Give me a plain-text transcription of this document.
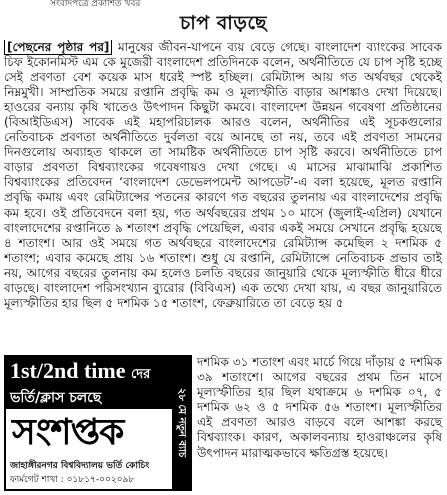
সংবাদপত্রে প্রকাশিত খবর
চাপ বাড়ছে

[পেছনের পৃষ্ঠার পর] মানুষের জীবন-যাপনে ব্যয় বেড়ে গেছে। বাংলাদেশ ব্যাংকের সাবেক চিফ ইকোনমিস্ট এম কে মুজেরী বাংলাদেশ প্রতিদিনকে বলেন, অর্থনীতিতে যে চাপ সৃষ্টি হচ্ছে সেই প্রবণতা বেশ কয়েক মাস ধরেই স্পষ্ট হচ্ছিল। রেমিট্যান্স আয় গত অর্থবছর থেকেই নিম্নমুখী। সাম্প্রতিক সময়ে রপ্তানি প্রবৃদ্ধি কম ও মূল্যস্ফীতি বাড়ার আশঙ্কাও দেখা দিয়েছে। হাওরের বন্যায় কৃষি খাতেও উৎপাদন কিছুটা কমবে। বাংলাদেশ উন্নয়ন গবেষণা প্রতিষ্ঠানের (বিআইডিএস) সাবেক এই মহাপরিচালক আরও বলেন, অর্থনীতির এই সূচকগুলোর নেতিবাচক প্রবণতা অর্থনীতিতে দুর্বলতা বয়ে আনছে তা নয়, তবে এই প্রবণতা সামনের দিনগুলোয় অব্যাহত থাকলে তা সামষ্টিক অর্থনীতিতে চাপ সৃষ্টি করবে। অর্থনীতিতে চাপ বাড়ার প্রবণতা বিশ্বব্যাংকের গবেষণায়ও দেখা গেছে। এ মাসের মাঝামাঝি প্রকাশিত বিশ্বব্যাংকের প্রতিবেদন ‘বাংলাদেশ ডেভেলপমেন্ট আপডেট’-এ বলা হয়েছে, মূলত রপ্তানি প্রবৃদ্ধি কমায় এবং রেমিট্যান্সের পতনের কারণে গত বছরের তুলনায় এর বাংলাদেশের প্রবৃদ্ধি কম হবে। ওই প্রতিবেদনে বলা হয়, গত অর্থবছরের প্রথম ১০ মাসে (জুলাই-এপ্রিল) যেখানে বাংলাদেশের রপ্তানিতে ৯ শতাংশ প্রবৃদ্ধি পেয়েছিল, এবার একই সময়ে সেখানে প্রবৃদ্ধি হয়েছে ৪ শতাংশ। আর ওই সময়ে গত অর্থবছরে বাংলাদেশের রেমিট্যান্স কমেছিল ২ দশমিক ৫ শতাংশ; এবার কমেছে প্রায় ১৬ শতাংশ। শুধু যে রপ্তানি, রেমিট্যান্সে নেতিবাচক প্রভাব তাই নয়, আগের বছরের তুলনায় কম হলেও চলতি বছরের জানুয়ারি থেকে মূল্যস্ফীতি ধীরে ধীরে বাড়ছে। বাংলাদেশ পরিসংখ্যান ব্যুরোর (বিবিএস) এক তথ্যে দেখা যায়, এ বছর জানুয়ারিতে মূল্যস্ফীতির হার ছিল ৫ দশমিক ১৫ শতাংশ, ফেব্রুয়ারিতে তা বেড়ে হয় ৫

1st/2nd time দের
ভর্তি/ক্লাস চলছে	২৮ মে নতুন ব্যাচ
সংশপ্তক
জাহাঙ্গীরনগর বিশ্ববিদ্যালয় ভর্তি কোচিং
ফার্মগেট শাখা : ০১৮১৭-০০২০৯৮

দশমিক ৩১ শতাংশ এবং মার্চে গিয়ে দাঁড়ায় ৫ দশমিক ৩৯ শতাংশে। আগের বছরের প্রথম তিন মাসে মূল্যস্ফীতির হার ছিল যথাক্রমে ৬ দশমিক ০৭, ৫ দশমিক ৬২ ও ৫ দশমিক ৫৬ শতাংশ। মূল্যস্ফীতির এই প্রবণতা আরও বাড়বে বলে আশঙ্কা করছে বিশ্বব্যাংক। কারণ, অকালবন্যায় হাওরাঞ্চলের কৃষি উৎপাদন মারাত্মকভাবে ক্ষতিগ্রস্ত হয়েছে।
